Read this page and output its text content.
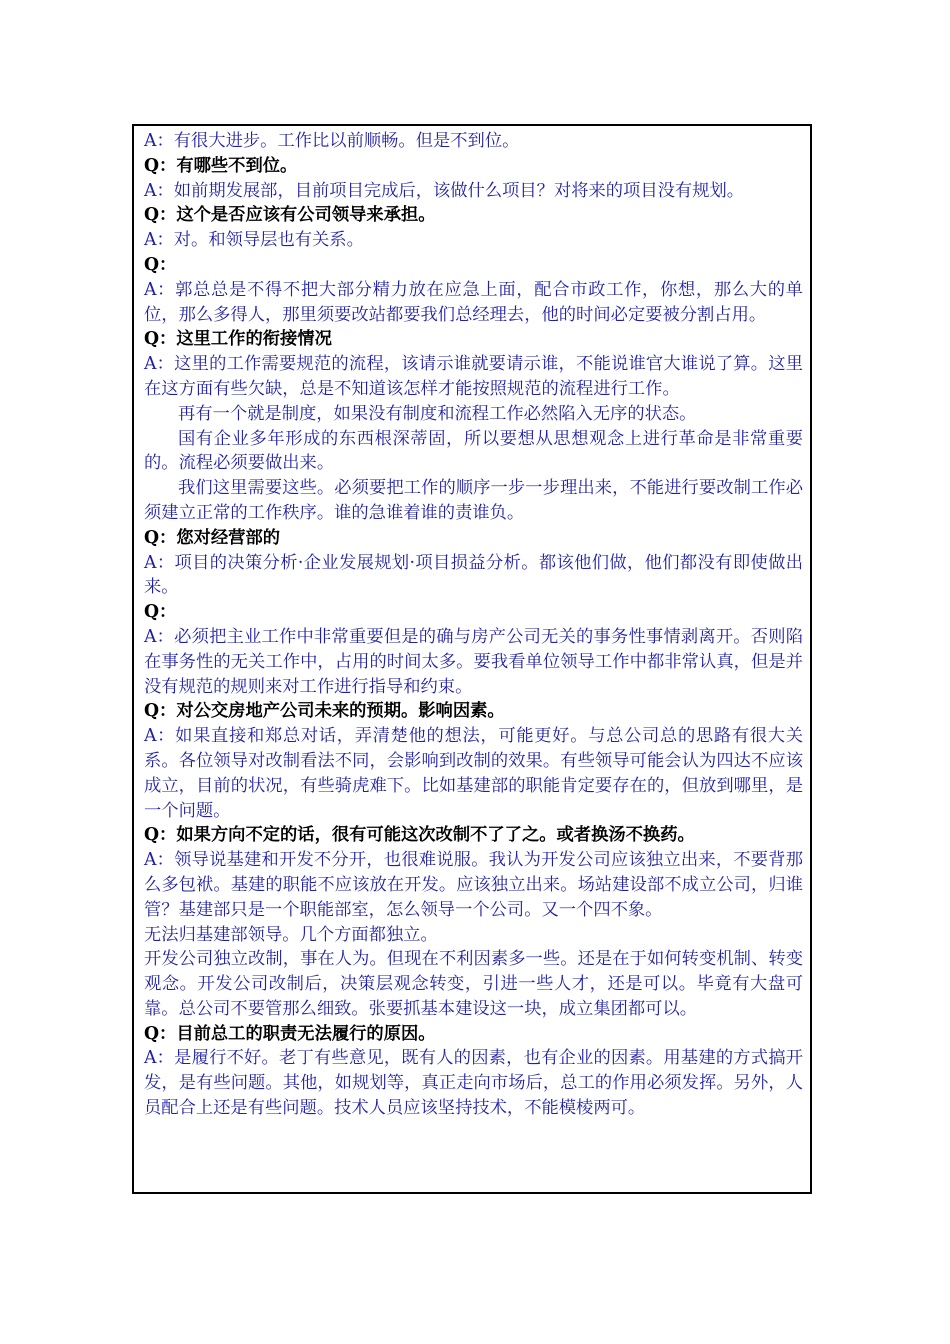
A：有很大进步。工作比以前顺畅。但是不到位。

Q：有哪些不到位。

A：如前期发展部，目前项目完成后，该做什么项目？对将来的项目没有规划。

Q：这个是否应该有公司领导来承担。

A：对。和领导层也有关系。

Q：

A：郭总总是不得不把大部分精力放在应急上面，配合市政工作，你想，那么大的单位，那么多得人，那里须要改站都要我们总经理去，他的时间必定要被分割占用。

Q：这里工作的衔接情况

A：这里的工作需要规范的流程，该请示谁就要请示谁，不能说谁官大谁说了算。这里在这方面有些欠缺，总是不知道该怎样才能按照规范的流程进行工作。

再有一个就是制度，如果没有制度和流程工作必然陷入无序的状态。

国有企业多年形成的东西根深蒂固，所以要想从思想观念上进行革命是非常重要的。流程必须要做出来。

我们这里需要这些。必须要把工作的顺序一步一步理出来，不能进行要改制工作必须建立正常的工作秩序。谁的急谁着谁的责谁负。

Q：您对经营部的

A：项目的决策分析·企业发展规划·项目损益分析。都该他们做，他们都没有即使做出来。

Q：

A：必须把主业工作中非常重要但是的确与房产公司无关的事务性事情剥离开。否则陷在事务性的无关工作中，占用的时间太多。要我看单位领导工作中都非常认真，但是并没有规范的规则来对工作进行指导和约束。

Q：对公交房地产公司未来的预期。影响因素。

A：如果直接和郑总对话，弄清楚他的想法，可能更好。与总公司总的思路有很大关系。各位领导对改制看法不同，会影响到改制的效果。有些领导可能会认为四达不应该成立，目前的状况，有些骑虎难下。比如基建部的职能肯定要存在的，但放到哪里，是一个问题。

Q：如果方向不定的话，很有可能这次改制不了了之。或者换汤不换药。

A：领导说基建和开发不分开，也很难说服。我认为开发公司应该独立出来，不要背那么多包袱。基建的职能不应该放在开发。应该独立出来。场站建设部不成立公司，归谁管？基建部只是一个职能部室，怎么领导一个公司。又一个四不象。

无法归基建部领导。几个方面都独立。

开发公司独立改制，事在人为。但现在不利因素多一些。还是在于如何转变机制、转变观念。开发公司改制后，决策层观念转变，引进一些人才，还是可以。毕竟有大盘可靠。总公司不要管那么细致。张要抓基本建设这一块，成立集团都可以。

Q：目前总工的职责无法履行的原因。

A：是履行不好。老丁有些意见，既有人的因素，也有企业的因素。用基建的方式搞开发，是有些问题。其他，如规划等，真正走向市场后，总工的作用必须发挥。另外，人员配合上还是有些问题。技术人员应该坚持技术，不能模棱两可。
